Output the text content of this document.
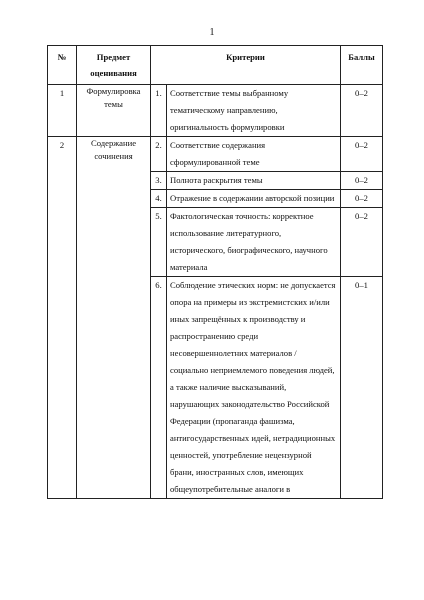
1
№	Предмет оценивания	Критерии		Баллы
1	Формулировка темы	1.	Соответствие темы выбранному тематическому направлению, оригинальность формулировки	0–2
2	Содержание сочинения	2.	Соответствие содержания сформулированной теме	0–2
		3.	Полнота раскрытия темы	0–2
		4.	Отражение в содержании авторской позиции	0–2
		5.	Фактологическая точность: корректное использование литературного, исторического, биографического, научного материала	0–2
		6.	Соблюдение этических норм: не допускается опора на примеры из экстремистских и/или иных запрещённых к производству и распространению среди несовершеннолетних материалов / социально неприемлемого поведения людей, а также наличие высказываний, нарушающих законодательство Российской Федерации (пропаганда фашизма, антигосударственных идей, нетрадиционных ценностей, употребление нецензурной брани, иностранных слов, имеющих общеупотребительные аналоги в	0–1
